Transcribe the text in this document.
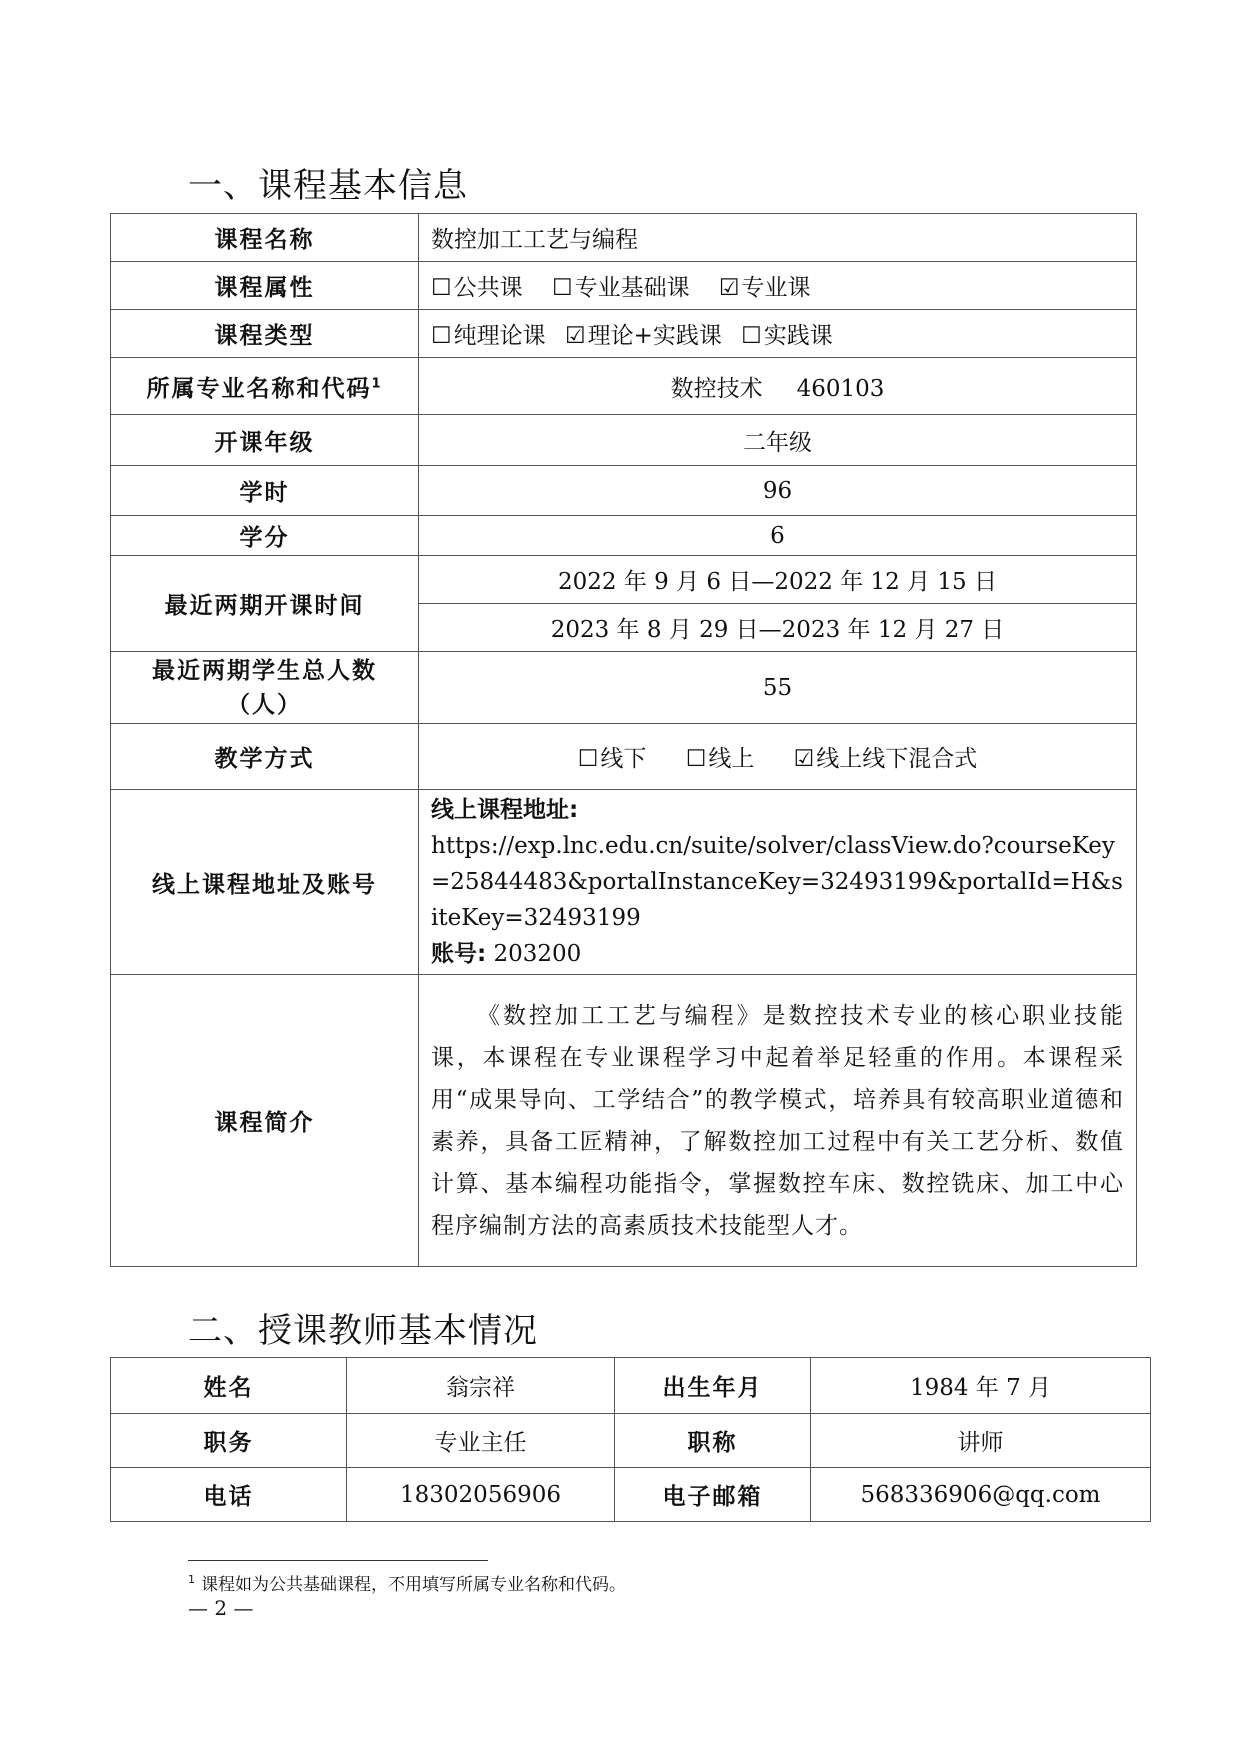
一、课程基本信息
课程名称	数控加工工艺与编程
课程属性	☐公共课 ☐专业基础课 ☑专业课
课程类型	☐纯理论课 ☑理论+实践课 ☐实践课
所属专业名称和代码$^1$	数控技术 460103
开课年级	二年级
学时	96
学分	6
最近两期开课时间	2022 年 9 月 6 日—2022 年 12 月 15 日
	2023 年 8 月 29 日—2023 年 12 月 27 日
最近两期学生总人数
（人）	55
教学方式	☐线下 ☐线上 ☑线上线下混合式
线上课程地址及账号	线上课程地址:
https://exp.lnc.edu.cn/suite/solver/classView.do?courseKey=25844483&portalInstanceKey=32493199&portalId=H&siteKey=32493199
账号: 203200

课程简介	《数控加工工艺与编程》是数控技术专业的核心职业技能课，本课程在专业课程学习中起着举足轻重的作用。本课程采用“成果导向、工学结合”的教学模式，培养具有较高职业道德和素养，具备工匠精神，了解数控加工过程中有关工艺分析、数值计算、基本编程功能指令，掌握数控车床、数控铣床、加工中心程序编制方法的高素质技术技能型人才。

二、授课教师基本情况
姓名	翁宗祥	出生年月	1984 年 7 月
职务	专业主任	职称	讲师
电话	18302056906	电子邮箱	568336906@qq.com
$^1$ 课程如为公共基础课程，不用填写所属专业名称和代码。
— 2 —
